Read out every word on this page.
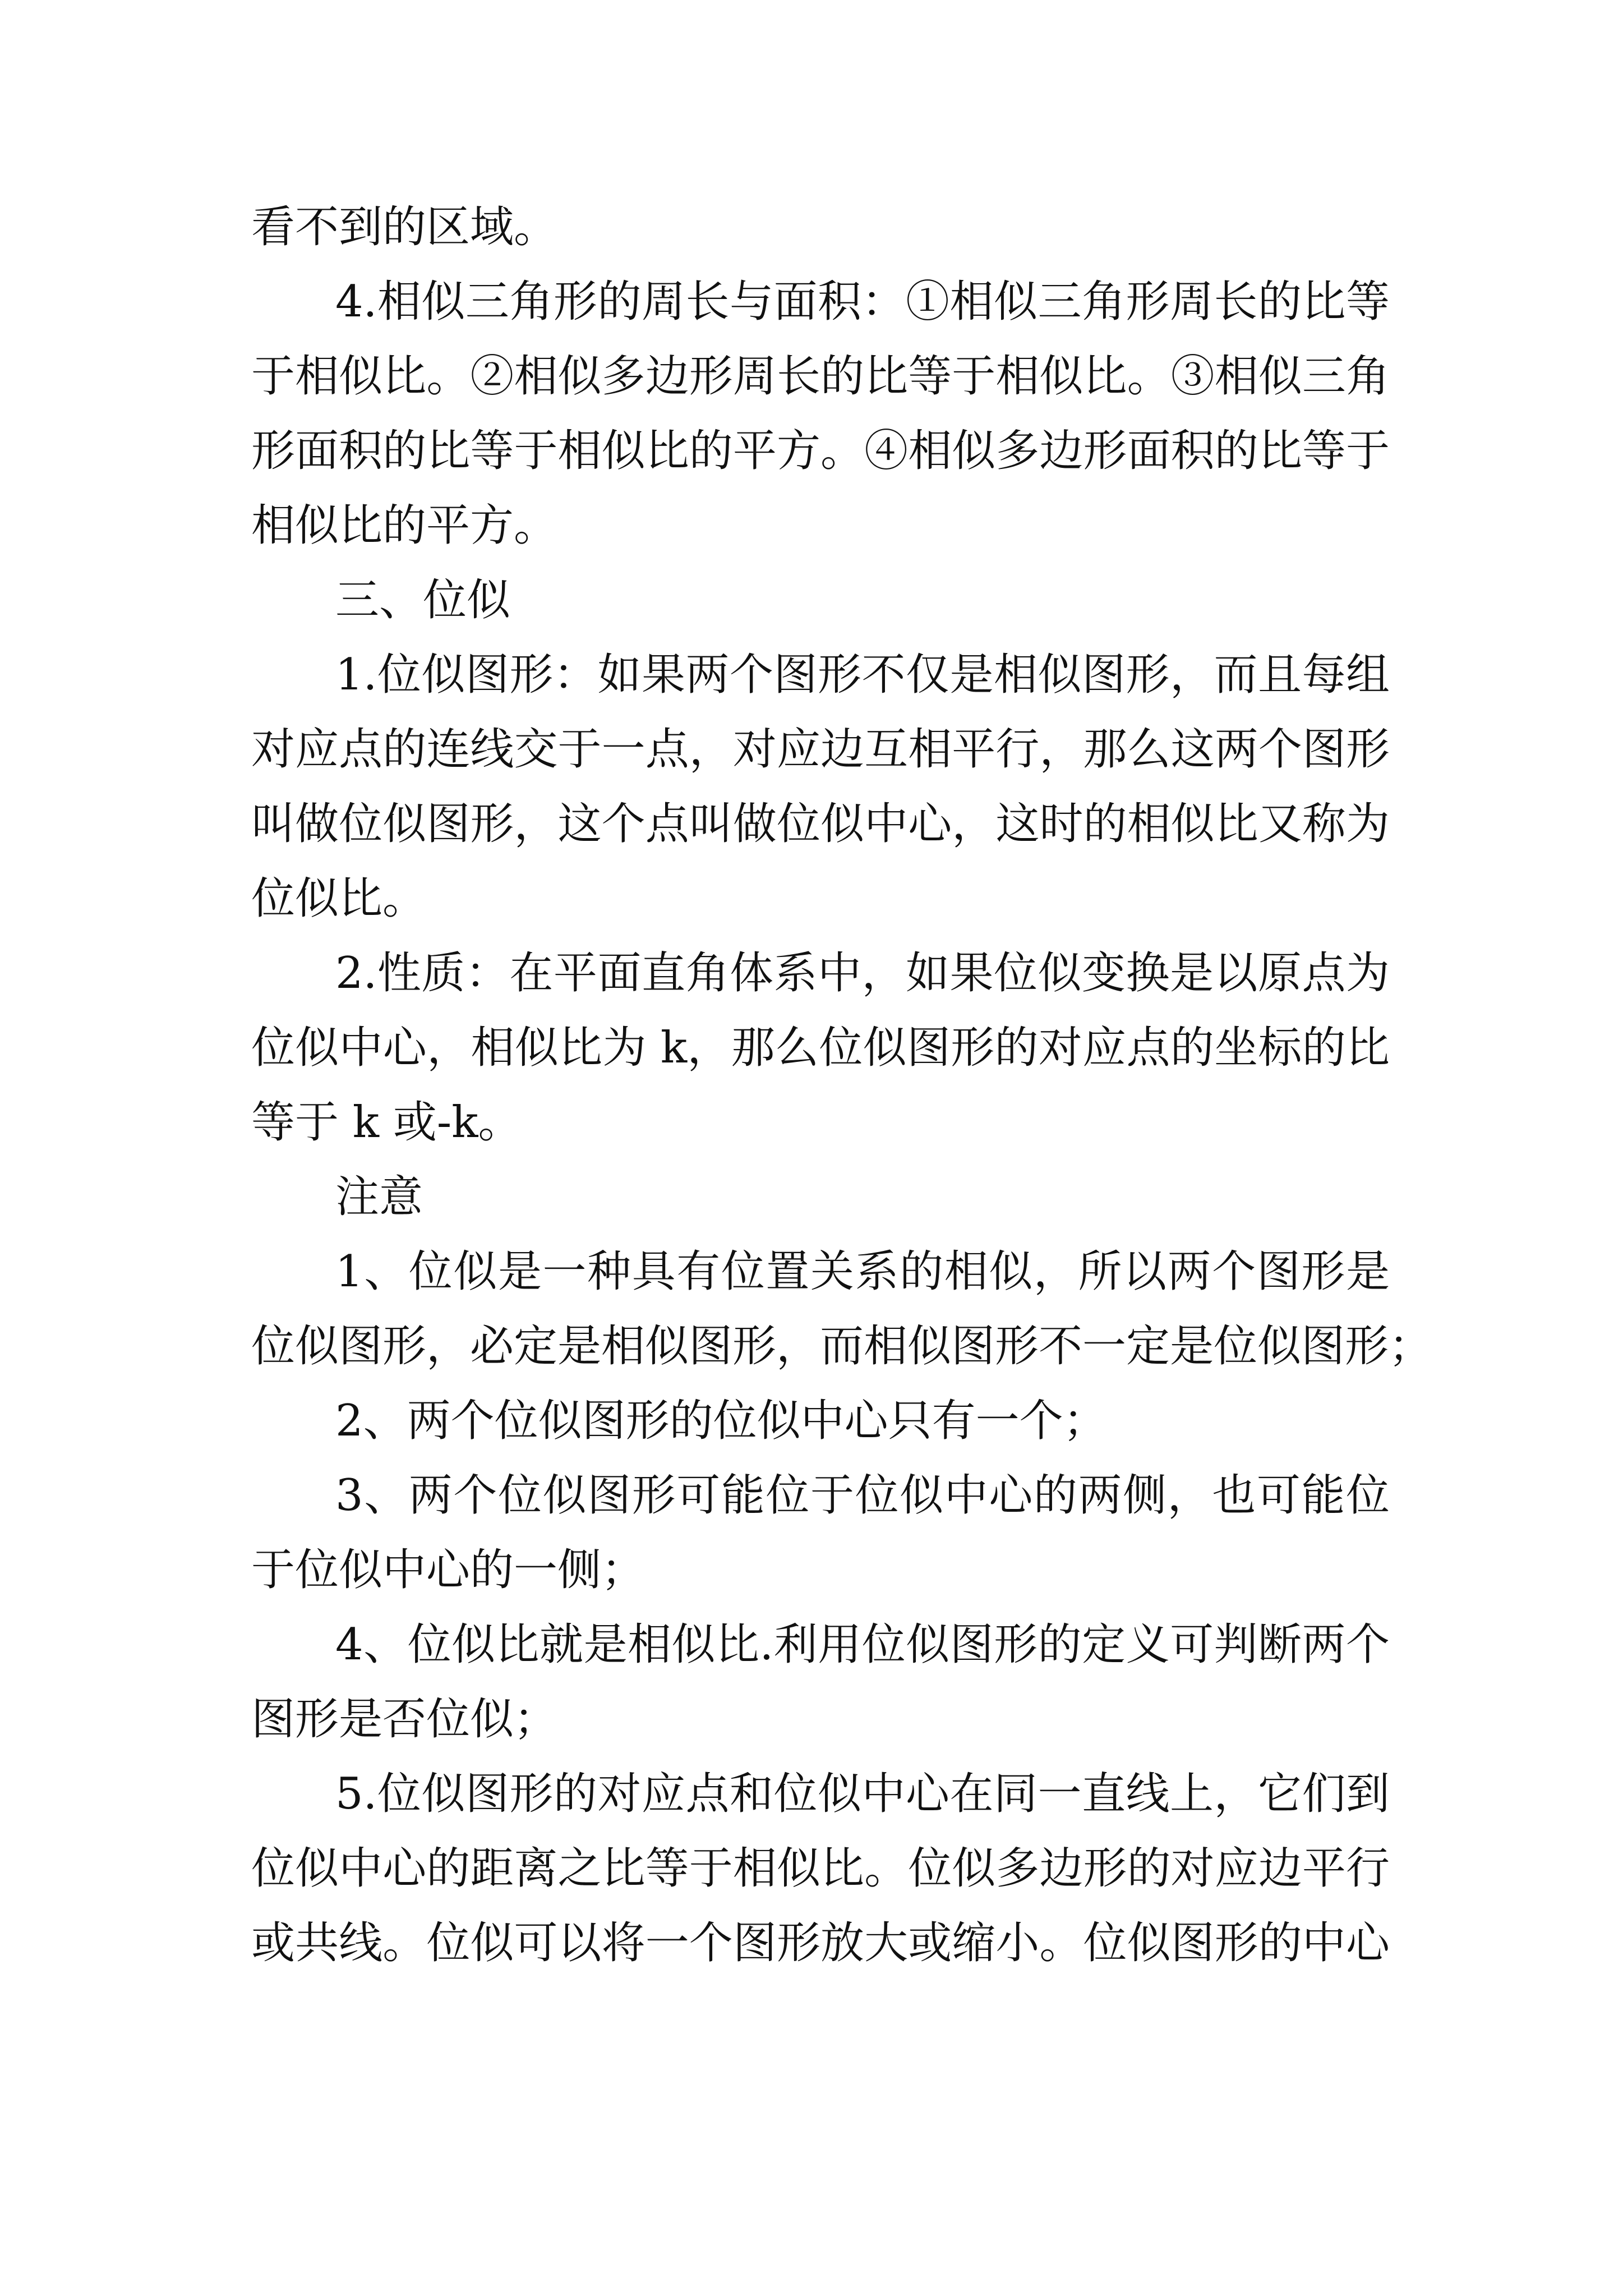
看不到的区域。
4.相似三角形的周长与面积：①相似三角形周长的比等
于相似比。②相似多边形周长的比等于相似比。③相似三角
形面积的比等于相似比的平方。④相似多边形面积的比等于
相似比的平方。
三、位似
1.位似图形：如果两个图形不仅是相似图形，而且每组
对应点的连线交于一点，对应边互相平行，那么这两个图形
叫做位似图形，这个点叫做位似中心，这时的相似比又称为
位似比。
2.性质：在平面直角体系中，如果位似变换是以原点为
位似中心，相似比为 k，那么位似图形的对应点的坐标的比
等于 k 或-k。
注意
1、位似是一种具有位置关系的相似，所以两个图形是
位似图形，必定是相似图形，而相似图形不一定是位似图形；
2、两个位似图形的位似中心只有一个；
3、两个位似图形可能位于位似中心的两侧，也可能位
于位似中心的一侧；
4、位似比就是相似比.利用位似图形的定义可判断两个
图形是否位似；
5.位似图形的对应点和位似中心在同一直线上，它们到
位似中心的距离之比等于相似比。位似多边形的对应边平行
或共线。位似可以将一个图形放大或缩小。位似图形的中心
